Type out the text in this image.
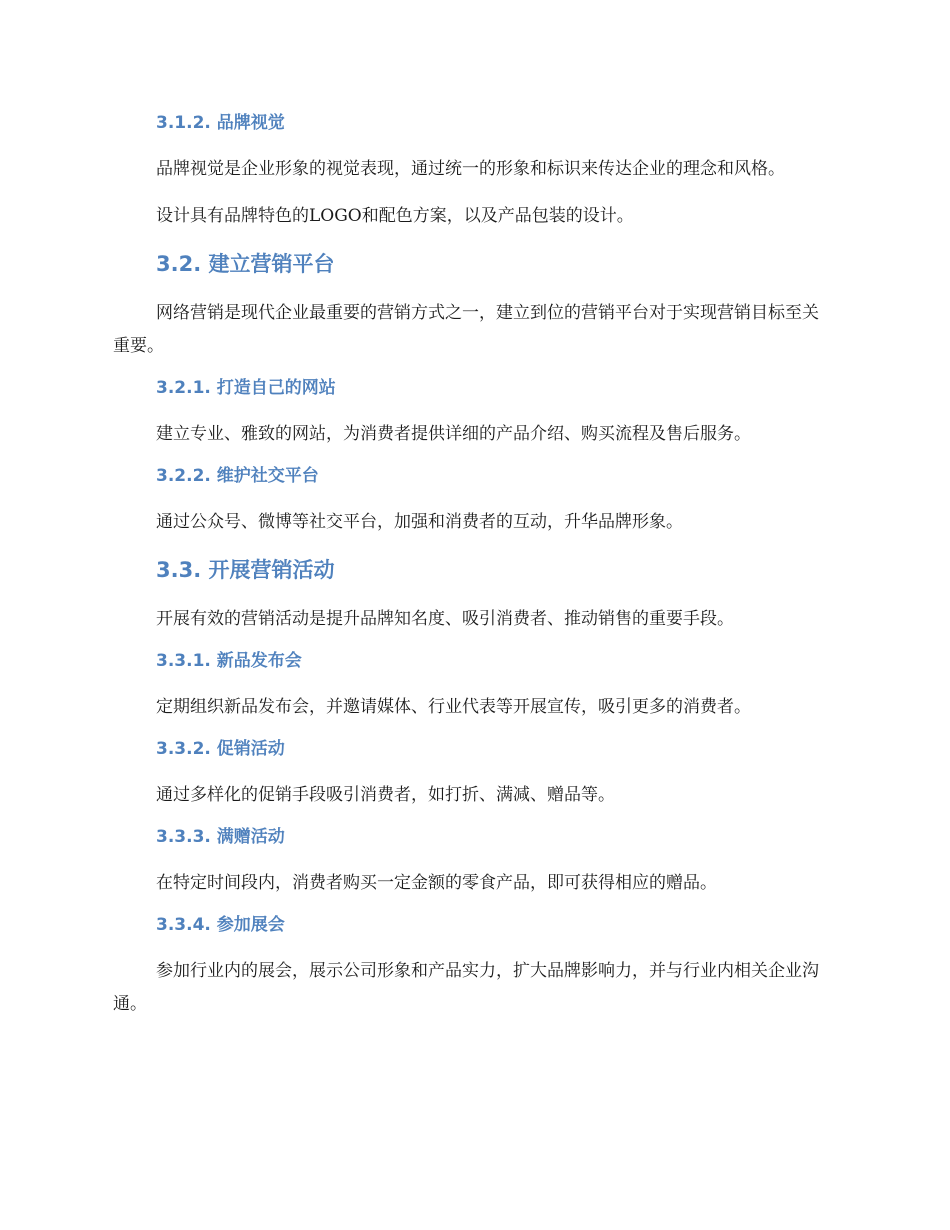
3.1.2. 品牌视觉

品牌视觉是企业形象的视觉表现，通过统一的形象和标识来传达企业的理念和风格。

设计具有品牌特色的LOGO和配色方案，以及产品包装的设计。

3.2. 建立营销平台

网络营销是现代企业最重要的营销方式之一，建立到位的营销平台对于实现营销目标至关重要。

3.2.1. 打造自己的网站

建立专业、雅致的网站，为消费者提供详细的产品介绍、购买流程及售后服务。

3.2.2. 维护社交平台

通过公众号、微博等社交平台，加强和消费者的互动，升华品牌形象。

3.3. 开展营销活动

开展有效的营销活动是提升品牌知名度、吸引消费者、推动销售的重要手段。

3.3.1. 新品发布会

定期组织新品发布会，并邀请媒体、行业代表等开展宣传，吸引更多的消费者。

3.3.2. 促销活动

通过多样化的促销手段吸引消费者，如打折、满减、赠品等。

3.3.3. 满赠活动

在特定时间段内，消费者购买一定金额的零食产品，即可获得相应的赠品。

3.3.4. 参加展会

参加行业内的展会，展示公司形象和产品实力，扩大品牌影响力，并与行业内相关企业沟通。
